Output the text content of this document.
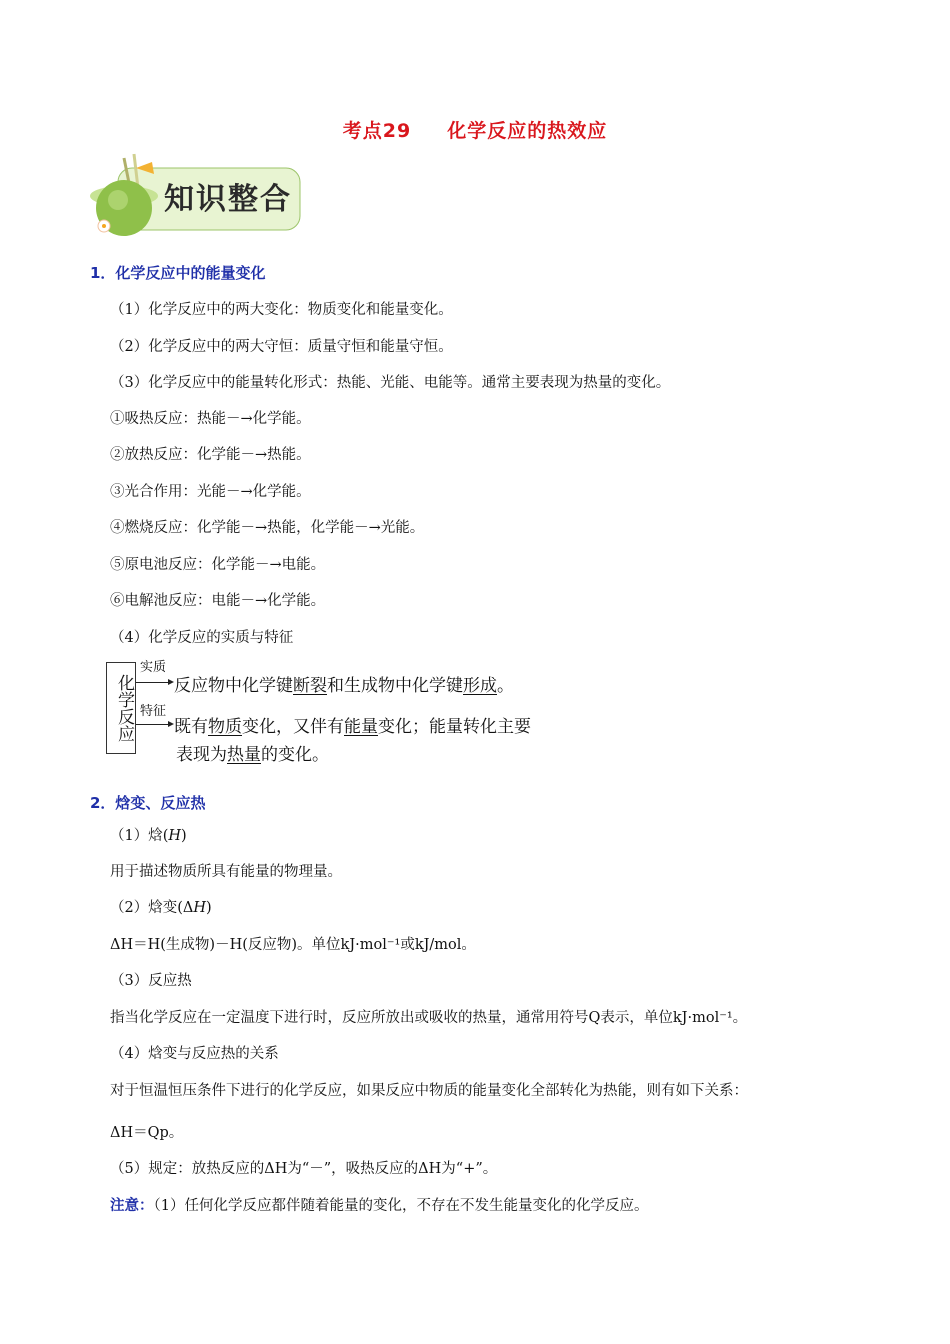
考点29 化学反应的热效应
知识整合
1．化学反应中的能量变化
（1）化学反应中的两大变化：物质变化和能量变化。
（2）化学反应中的两大守恒：质量守恒和能量守恒。
（3）化学反应中的能量转化形式：热能、光能、电能等。通常主要表现为热量的变化。
①吸热反应：热能－→化学能。
②放热反应：化学能－→热能。
③光合作用：光能－→化学能。
④燃烧反应：化学能－→热能，化学能－→光能。
⑤原电池反应：化学能－→电能。
⑥电解池反应：电能－→化学能。
（4）化学反应的实质与特征
化学反应
实质
反应物中化学键断裂和生成物中化学键形成。
特征
既有物质变化，又伴有能量变化；能量转化主要
表现为热量的变化。
2．焓变、反应热
（1）焓(H)
用于描述物质所具有能量的物理量。
（2）焓变(ΔH)
ΔH＝H(生成物)－H(反应物)。单位kJ·mol⁻¹或kJ/mol。
（3）反应热
指当化学反应在一定温度下进行时，反应所放出或吸收的热量，通常用符号Q表示，单位kJ·mol⁻¹。
（4）焓变与反应热的关系
对于恒温恒压条件下进行的化学反应，如果反应中物质的能量变化全部转化为热能，则有如下关系：
ΔH＝Qp。
（5）规定：放热反应的ΔH为“－”，吸热反应的ΔH为“+”。
注意：（1）任何化学反应都伴随着能量的变化，不存在不发生能量变化的化学反应。
